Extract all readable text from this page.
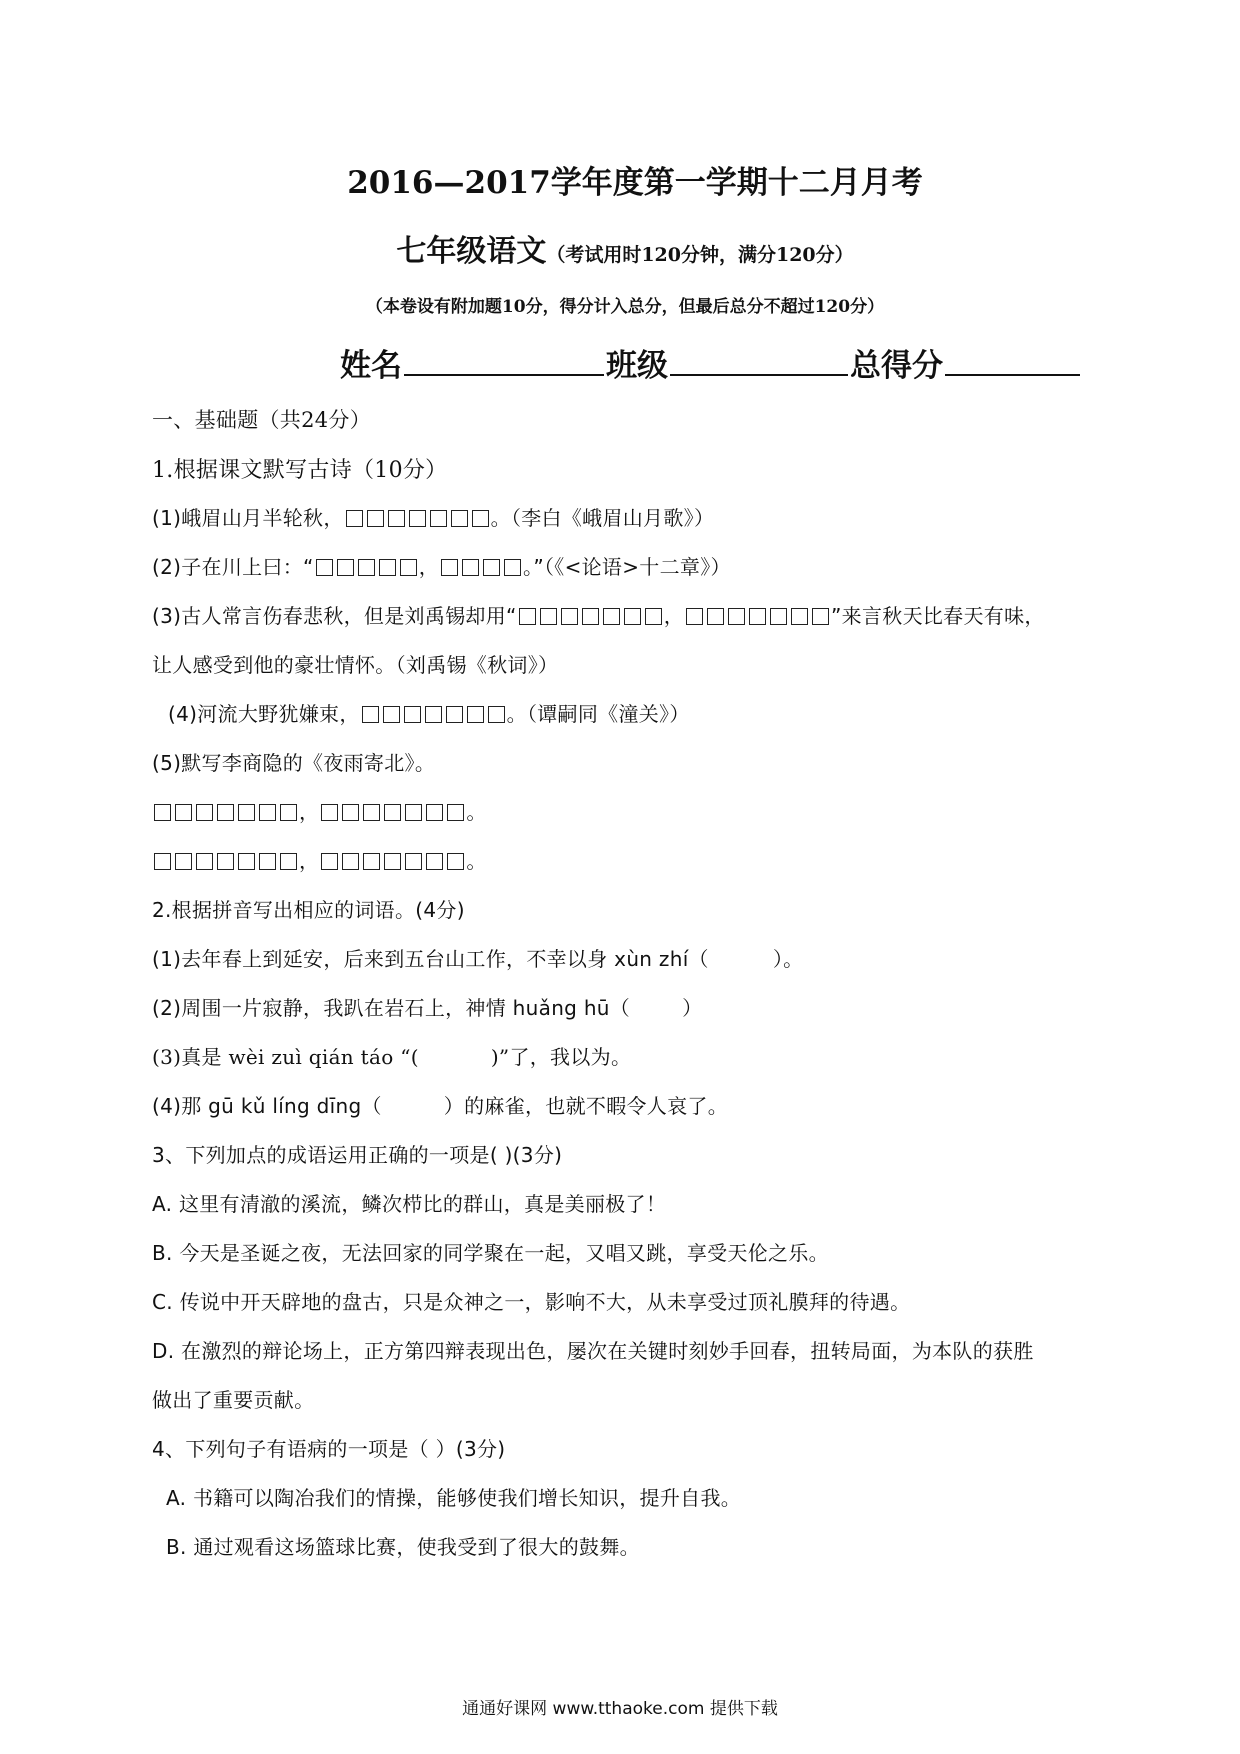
2016—2017学年度第一学期十二月月考
七年级语文（考试用时120分钟，满分120分）
（本卷设有附加题10分，得分计入总分，但最后总分不超过120分）
姓名	班级	总得分
一、基础题（共24分）
1.根据课文默写古诗（10分）
(1)峨眉山月半轮秋，	。（李白《峨眉山月歌》）
(2)子在川上曰：“	，	。”（《<论语>十二章》）
(3)古人常言伤春悲秋，但是刘禹锡却用“	，	”来言秋天比春天有味，
让人感受到他的豪壮情怀。（刘禹锡《秋词》）
(4)河流大野犹嫌束，	。（谭嗣同《潼关》）
(5)默写李商隐的《夜雨寄北》。
，	。
，	。
2.根据拼音写出相应的词语。(4分)
(1)去年春上到延安，后来到五台山工作，不幸以身 xùn zhí（	）。
(2)周围一片寂静，我趴在岩石上，神情 huǎng hū（	）
(3)真是 wèi zuì qián táo “(	)”了，我以为。
(4)那 gū kǔ líng dīng（	）的麻雀，也就不暇令人哀了。
3、下列加点的成语运用正确的一项是( )(3分)
A. 这里有清澈的溪流，鳞次栉比的群山，真是美丽极了！
B. 今天是圣诞之夜，无法回家的同学聚在一起，又唱又跳，享受天伦之乐。
C. 传说中开天辟地的盘古，只是众神之一，影响不大，从未享受过顶礼膜拜的待遇。
D. 在激烈的辩论场上，正方第四辩表现出色，屡次在关键时刻妙手回春，扭转局面，为本队的获胜
做出了重要贡献。
4、下列句子有语病的一项是（ ）(3分)
A. 书籍可以陶冶我们的情操，能够使我们增长知识，提升自我。
B. 通过观看这场篮球比赛，使我受到了很大的鼓舞。
通通好课网 www.tthaoke.com 提供下载
